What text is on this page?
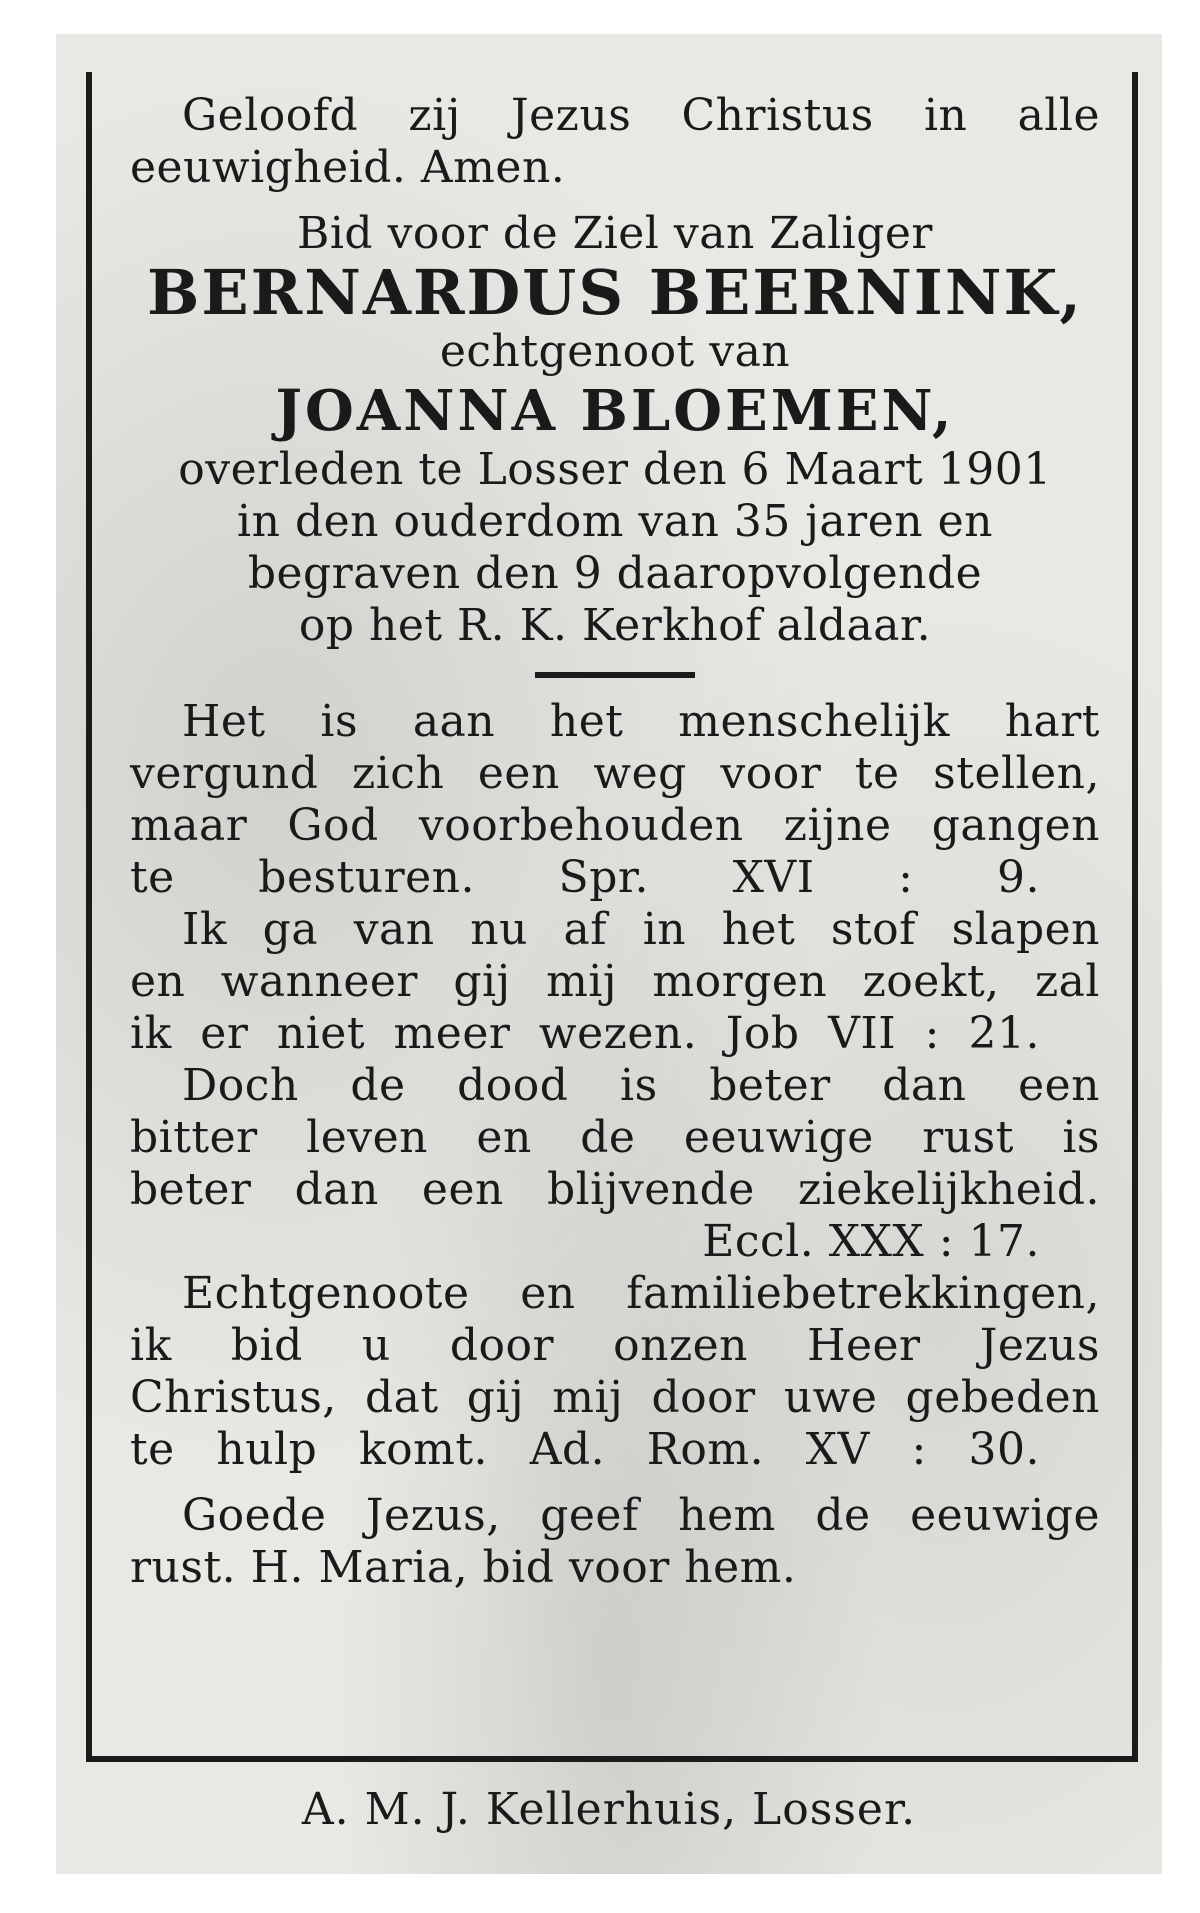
Geloofd zij Jezus Christus in alle

eeuwigheid. Amen.

Bid voor de Ziel van Zaliger

BERNARDUS BEERNINK,

echtgenoot van

JOANNA BLOEMEN,

overleden te Losser den 6 Maart 1901

in den ouderdom van 35 jaren en

begraven den 9 daaropvolgende

op het R. K. Kerkhof aldaar.

Het is aan het menschelijk hart

vergund zich een weg voor te stellen,

maar God voorbehouden zijne gangen

te besturen. Spr. XVI : 9.

Ik ga van nu af in het stof slapen

en wanneer gij mij morgen zoekt, zal

ik er niet meer wezen. Job VII : 21.

Doch de dood is beter dan een

bitter leven en de eeuwige rust is

beter dan een blijvende ziekelijkheid.

Eccl. XXX : 17.

Echtgenoote en familiebetrekkingen,

ik bid u door onzen Heer Jezus

Christus, dat gij mij door uwe gebeden

te hulp komt. Ad. Rom. XV : 30.

Goede Jezus, geef hem de eeuwige

rust. H. Maria, bid voor hem.

A. M. J. Kellerhuis, Losser.
